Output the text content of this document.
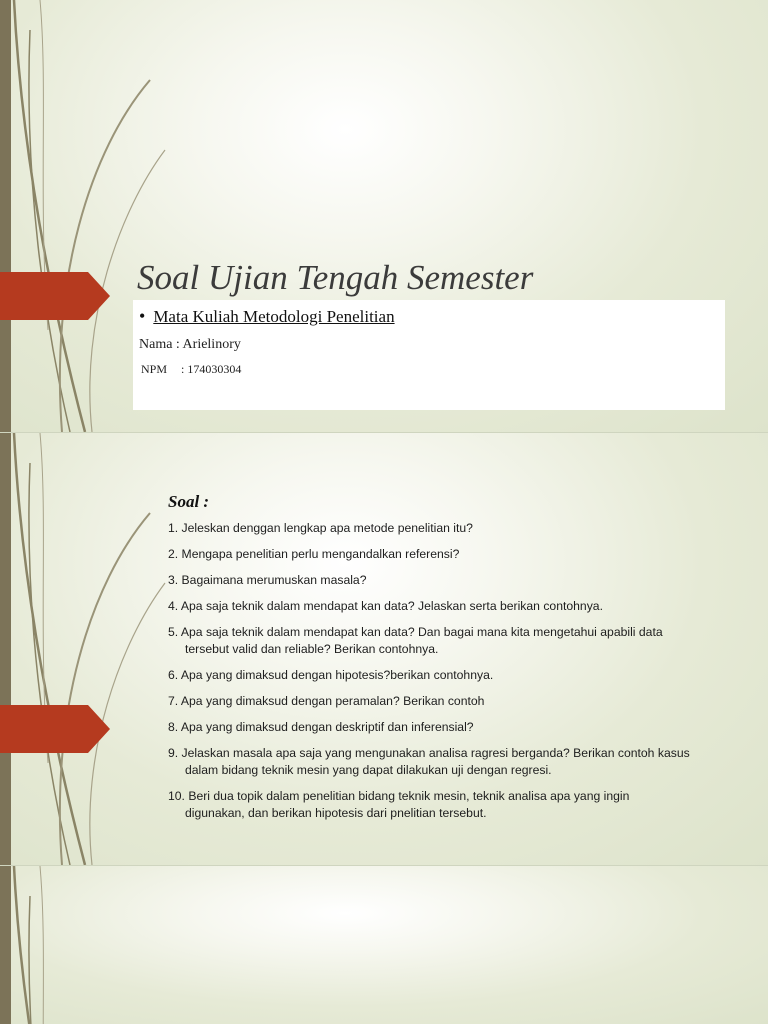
Soal Ujian Tengah Semester
• Mata Kuliah Metodologi Penelitian
Nama : Arielinory
NPM : 174030304
Soal :
1. Jeleskan denggan lengkap apa metode penelitian itu?
2. Mengapa penelitian perlu mengandalkan referensi?
3. Bagaimana merumuskan masala?
4. Apa saja teknik dalam mendapat kan data? Jelaskan serta berikan contohnya.
5. Apa saja teknik dalam mendapat kan data? Dan bagai mana kita mengetahui apabili data
tersebut valid dan reliable? Berikan contohnya.
6. Apa yang dimaksud dengan hipotesis?berikan contohnya.
7. Apa yang dimaksud dengan peramalan? Berikan contoh
8. Apa yang dimaksud dengan deskriptif dan inferensial?
9. Jelaskan masala apa saja yang mengunakan analisa ragresi berganda? Berikan contoh kasus
dalam bidang teknik mesin yang dapat dilakukan uji dengan regresi.
10. Beri dua topik dalam penelitian bidang teknik mesin, teknik analisa apa yang ingin
digunakan, dan berikan hipotesis dari pnelitian tersebut.
